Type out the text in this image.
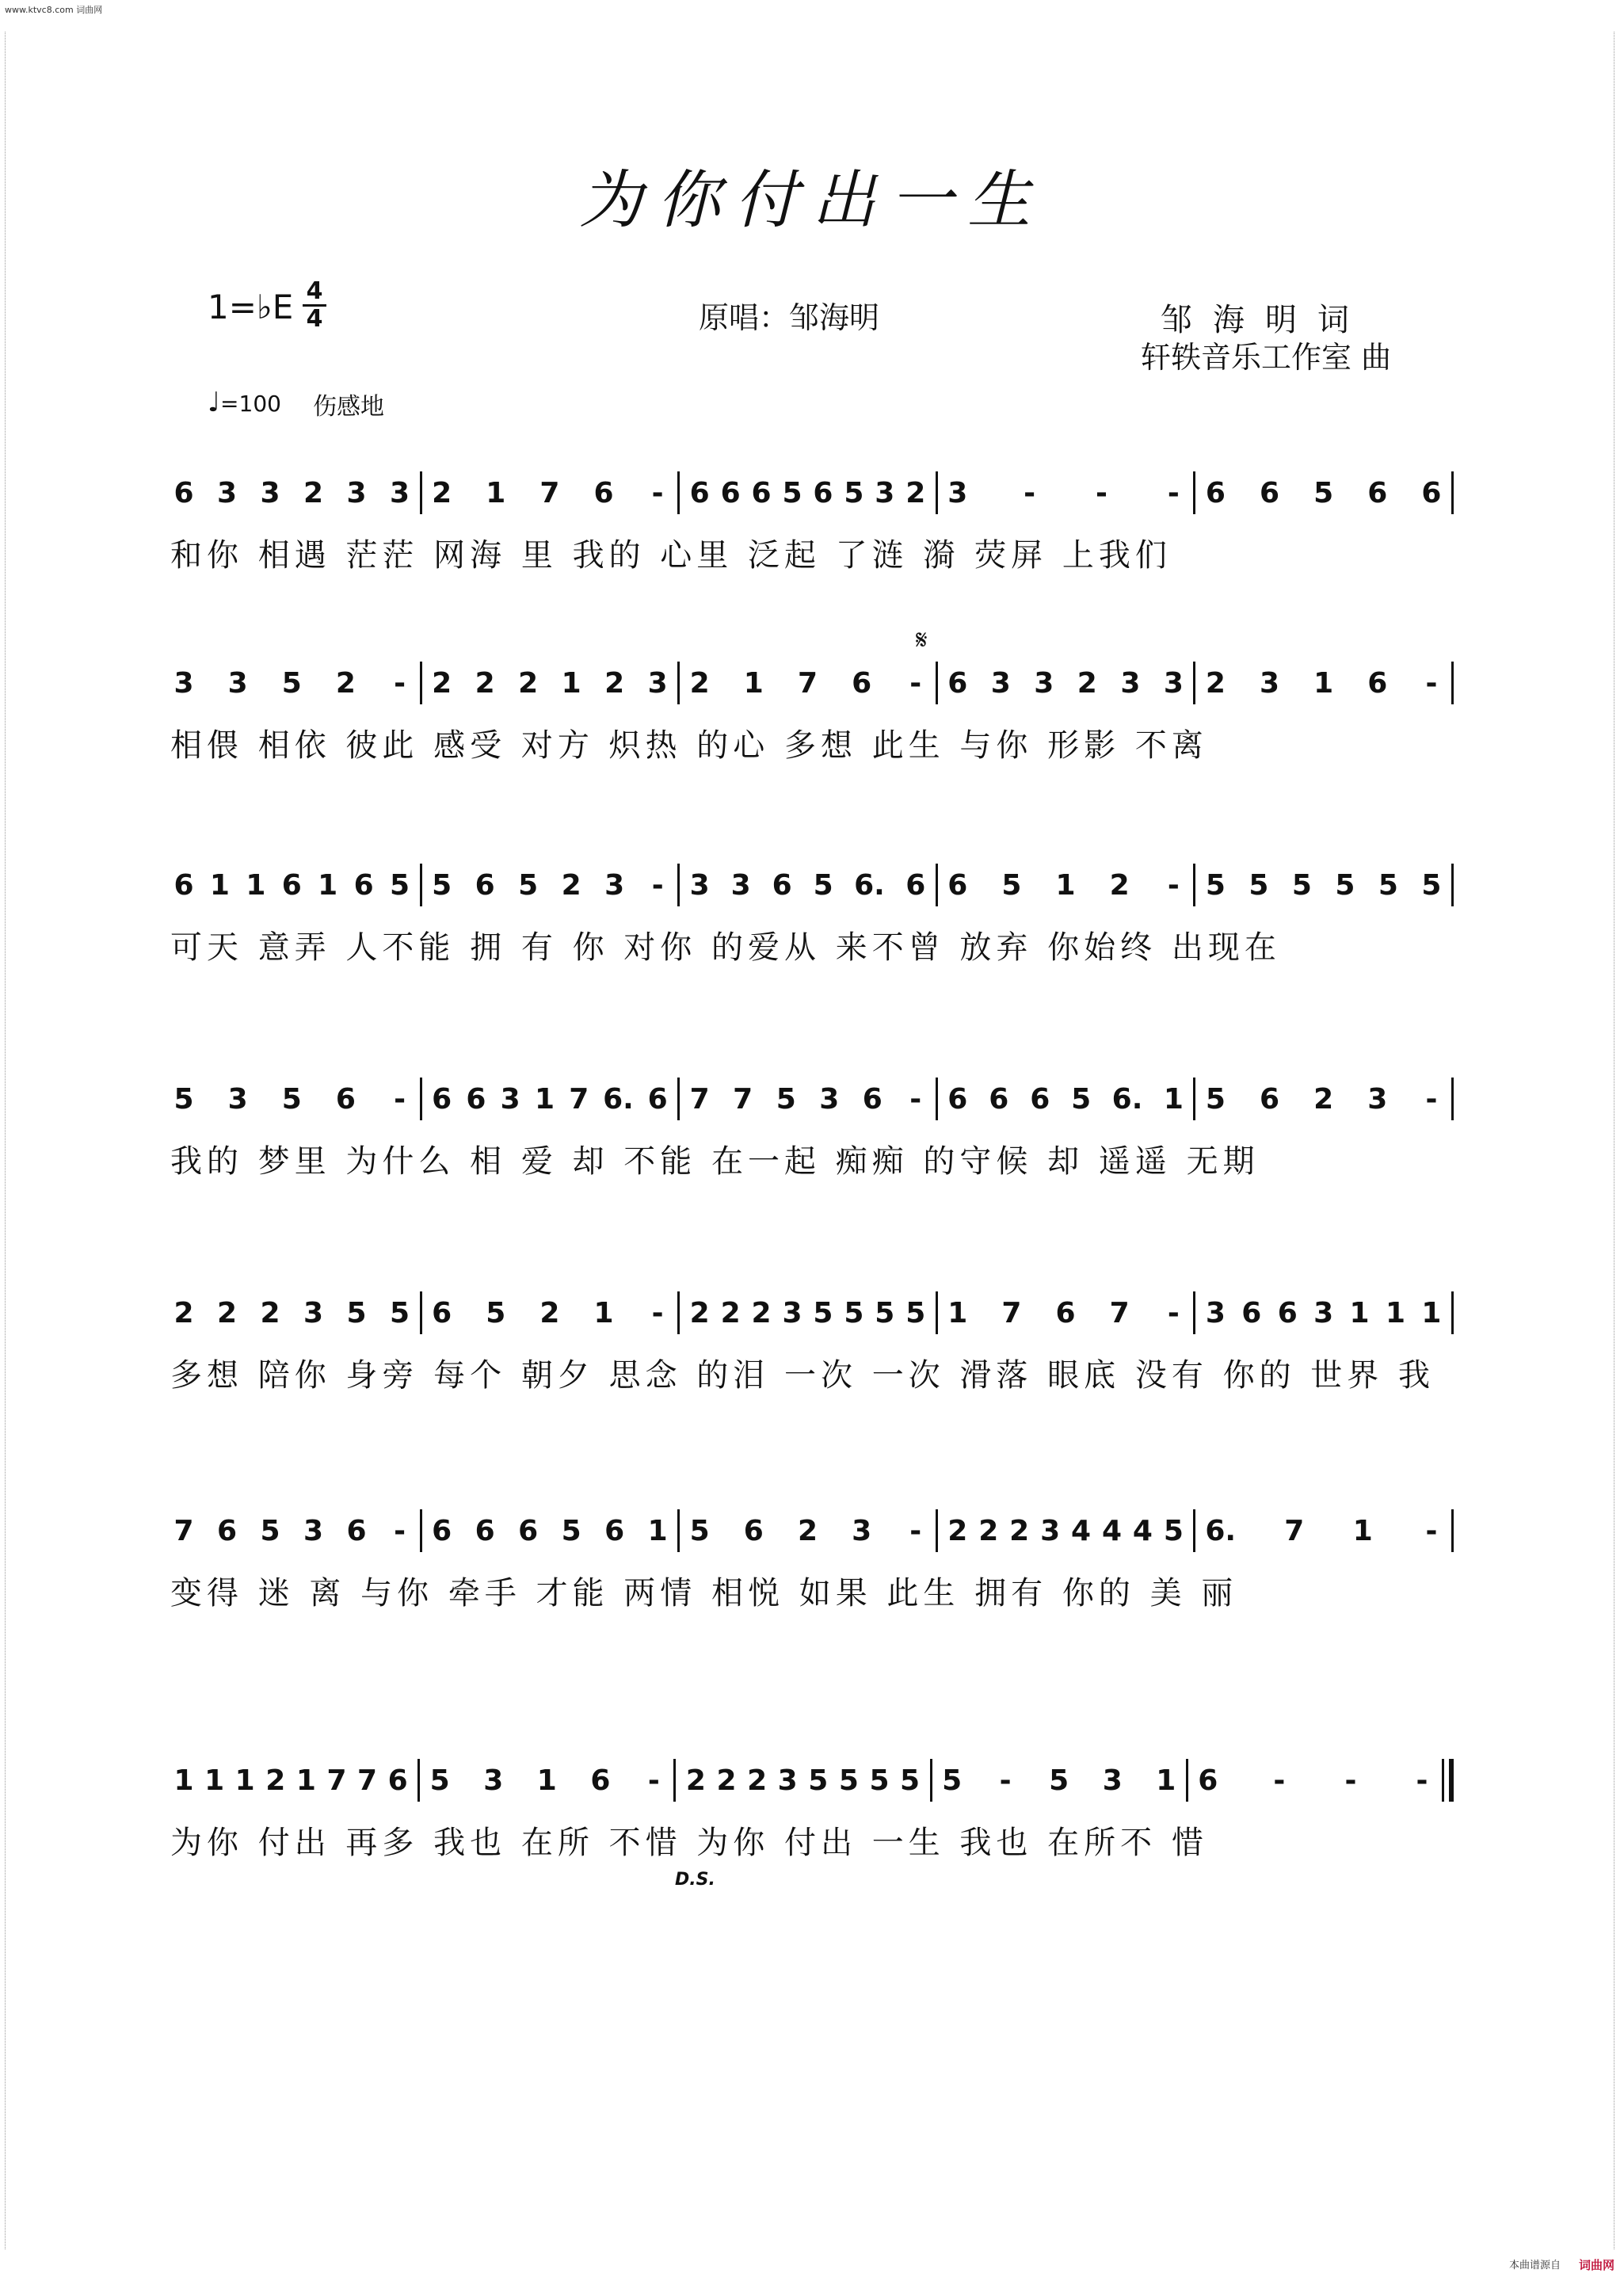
www.ktvc8.com 词曲网
为你付出一生
1=♭E 4
4	原唱：邹海明	邹海明词
轩轶音乐工作室 曲
♩=100 伤感地
6 3 3 2 3 3 2 1 7 6 - 6 6 6 5 6 5 3 2 3 - - - 6 6 5 6 6
和你 相遇 茫茫 网海 里 我的 心里 泛起 了涟 漪 荧屏 上我们
3 3 5 2 - 2 2 2 1 2 3 2 1 7 6 - 6 3 3 2 3 3 2 3 1 6 -
相偎 相依 彼此 感受 对方 炽热 的心 多想 此生 与你 形影 不离
6 1 1 6 1 6 5 5 6 5 2 3 - 3 3 6 5 6. 6 6 5 1 2 - 5 5 5 5 5 5
可天 意弄 人不能 拥 有 你 对你 的爱从 来不曾 放弃 你始终 出现在
5 3 5 6 - 6 6 3 1 7 6. 6 7 7 5 3 6 - 6 6 6 5 6. 1 5 6 2 3 -
我的 梦里 为什么 相 爱 却 不能 在一起 痴痴 的守候 却 遥遥 无期
2 2 2 3 5 5 6 5 2 1 - 2 2 2 3 5 5 5 5 1 7 6 7 - 3 6 6 3 1 1 1
多想 陪你 身旁 每个 朝夕 思念 的泪 一次 一次 滑落 眼底 没有 你的 世界 我
7 6 5 3 6 - 6 6 6 5 6 1 5 6 2 3 - 2 2 2 3 4 4 4 5 6. 7 1 -
变得 迷 离 与你 牵手 才能 两情 相悦 如果 此生 拥有 你的 美 丽
1 1 1 2 1 7 7 6 5 3 1 6 - 2 2 2 3 5 5 5 5 5 - 5 3 1 6 - - -
为你 付出 再多 我也 在所 不惜 为你 付出 一生 我也 在所不 惜
𝄋
D.S.
本曲谱源自 词曲网
